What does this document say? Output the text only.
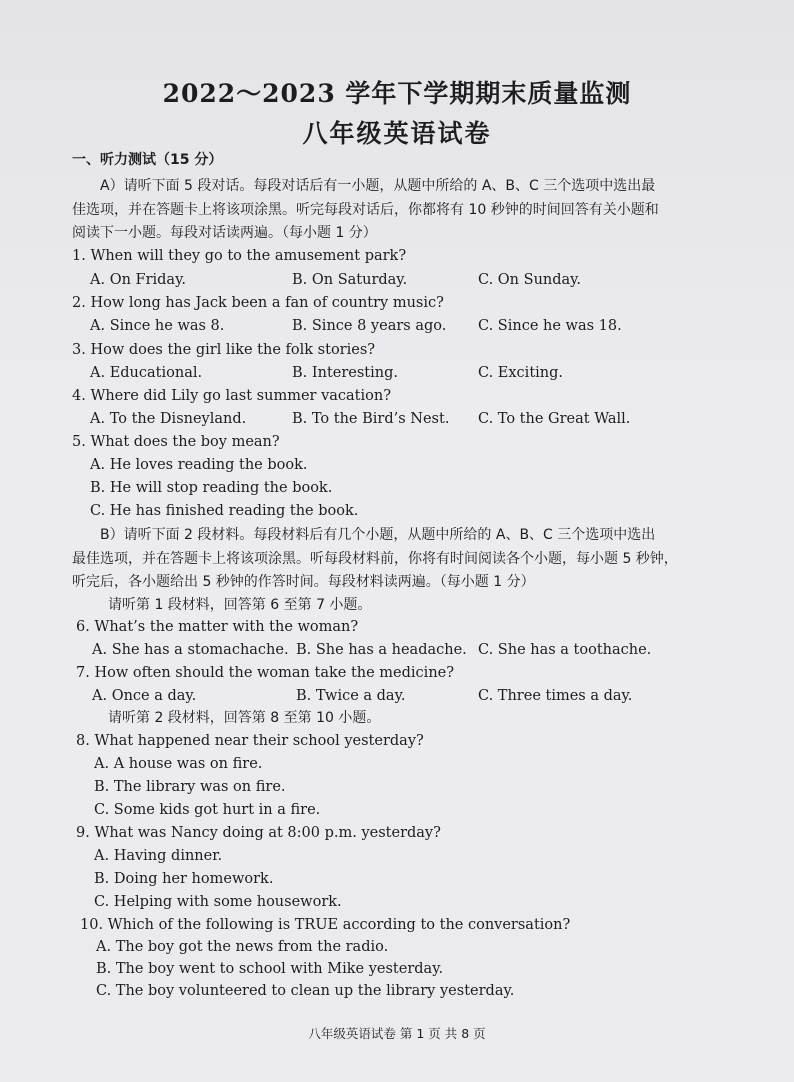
2022～2023 学年下学期期末质量监测
八年级英语试卷
一、听力测试（15 分）
A）请听下面 5 段对话。每段对话后有一小题，从题中所给的 A、B、C 三个选项中选出最
佳选项，并在答题卡上将该项涂黑。听完每段对话后，你都将有 10 秒钟的时间回答有关小题和
阅读下一小题。每段对话读两遍。（每小题 1 分）
1. When will they go to the amusement park?
A. On Friday.	B. On Saturday.	C. On Sunday.
2. How long has Jack been a fan of country music?
A. Since he was 8.	B. Since 8 years ago. C. Since he was 18.
3. How does the girl like the folk stories?
A. Educational.	B. Interesting.	C. Exciting.
4. Where did Lily go last summer vacation?
A. To the Disneyland.	B. To the Bird’s Nest. C. To the Great Wall.
5. What does the boy mean?
A. He loves reading the book.
B. He will stop reading the book.
C. He has finished reading the book.
B）请听下面 2 段材料。每段材料后有几个小题，从题中所给的 A、B、C 三个选项中选出
最佳选项，并在答题卡上将该项涂黑。听每段材料前，你将有时间阅读各个小题，每小题 5 秒钟，
听完后，各小题给出 5 秒钟的作答时间。每段材料读两遍。（每小题 1 分）
请听第 1 段材料，回答第 6 至第 7 小题。
6. What’s the matter with the woman?
A. She has a stomachache. B. She has a headache. C. She has a toothache.
7. How often should the woman take the medicine?
A. Once a day.	B. Twice a day.	C. Three times a day.
请听第 2 段材料，回答第 8 至第 10 小题。
8. What happened near their school yesterday?
A. A house was on fire.
B. The library was on fire.
C. Some kids got hurt in a fire.
9. What was Nancy doing at 8:00 p.m. yesterday?
A. Having dinner.
B. Doing her homework.
C. Helping with some housework.
10. Which of the following is TRUE according to the conversation?
A. The boy got the news from the radio.
B. The boy went to school with Mike yesterday.
C. The boy volunteered to clean up the library yesterday.
八年级英语试卷 第 1 页 共 8 页
